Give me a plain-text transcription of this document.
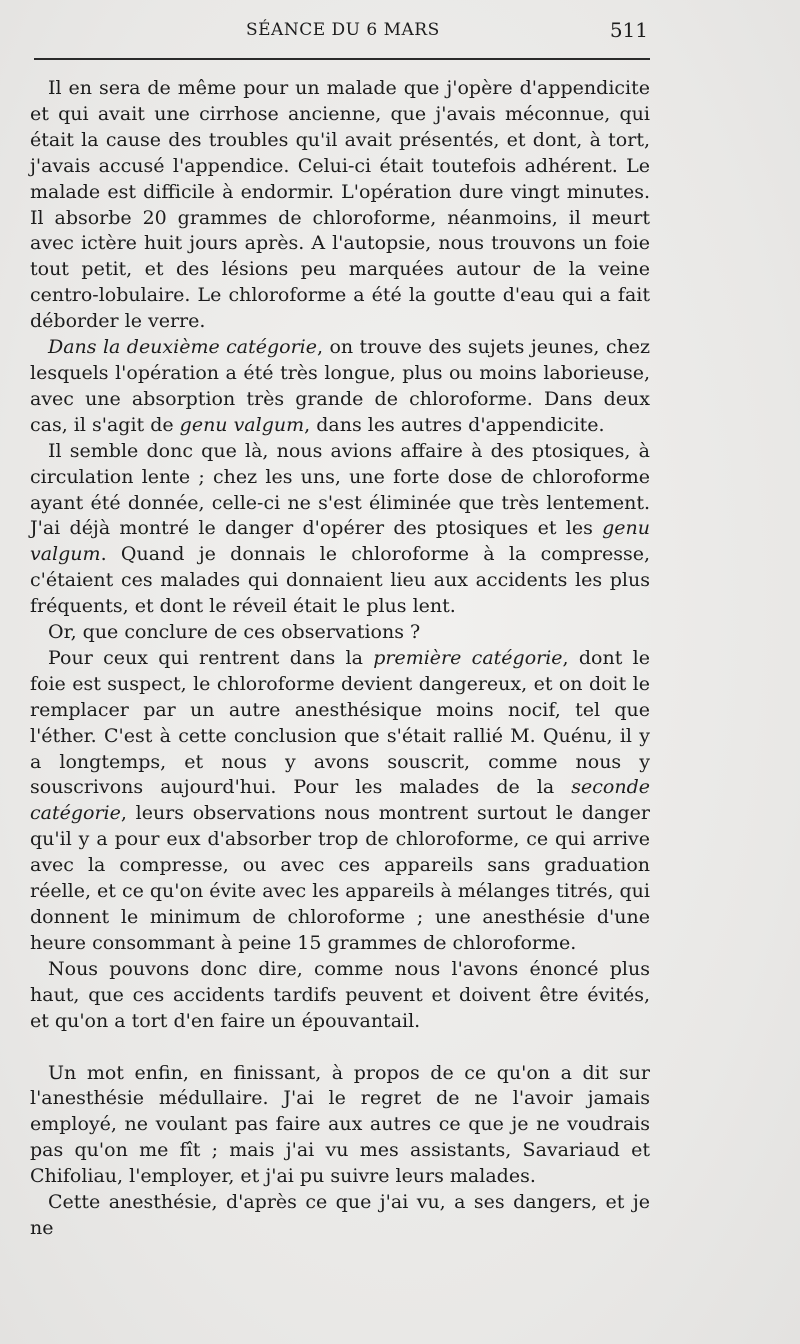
SÉANCE DU 6 MARS	511

Il en sera de même pour un malade que j'opère d'appendicite et qui avait une cirrhose ancienne, que j'avais méconnue, qui était la cause des troubles qu'il avait présentés, et dont, à tort, j'avais accusé l'appendice. Celui-ci était toutefois adhérent. Le malade est difficile à endormir. L'opération dure vingt minutes. Il absorbe 20 grammes de chloroforme, néanmoins, il meurt avec ictère huit jours après. A l'autopsie, nous trouvons un foie tout petit, et des lésions peu marquées autour de la veine centro-lobulaire. Le chloroforme a été la goutte d'eau qui a fait déborder le verre.

Dans la deuxième catégorie, on trouve des sujets jeunes, chez lesquels l'opération a été très longue, plus ou moins laborieuse, avec une absorption très grande de chloroforme. Dans deux cas, il s'agit de genu valgum, dans les autres d'appendicite.

Il semble donc que là, nous avions affaire à des ptosiques, à circulation lente ; chez les uns, une forte dose de chloroforme ayant été donnée, celle-ci ne s'est éliminée que très lentement. J'ai déjà montré le danger d'opérer des ptosiques et les genu valgum. Quand je donnais le chloroforme à la compresse, c'étaient ces malades qui donnaient lieu aux accidents les plus fréquents, et dont le réveil était le plus lent.

Or, que conclure de ces observations ?

Pour ceux qui rentrent dans la première catégorie, dont le foie est suspect, le chloroforme devient dangereux, et on doit le remplacer par un autre anesthésique moins nocif, tel que l'éther. C'est à cette conclusion que s'était rallié M. Quénu, il y a longtemps, et nous y avons souscrit, comme nous y souscrivons aujourd'hui. Pour les malades de la seconde catégorie, leurs observations nous montrent surtout le danger qu'il y a pour eux d'absorber trop de chloroforme, ce qui arrive avec la compresse, ou avec ces appareils sans graduation réelle, et ce qu'on évite avec les appareils à mélanges titrés, qui donnent le minimum de chloroforme ; une anesthésie d'une heure consommant à peine 15 grammes de chloroforme.

Nous pouvons donc dire, comme nous l'avons énoncé plus haut, que ces accidents tardifs peuvent et doivent être évités, et qu'on a tort d'en faire un épouvantail.

Un mot enfin, en finissant, à propos de ce qu'on a dit sur l'anesthésie médullaire. J'ai le regret de ne l'avoir jamais employé, ne voulant pas faire aux autres ce que je ne voudrais pas qu'on me fît ; mais j'ai vu mes assistants, Savariaud et Chifoliau, l'employer, et j'ai pu suivre leurs malades.

Cette anesthésie, d'après ce que j'ai vu, a ses dangers, et je ne
